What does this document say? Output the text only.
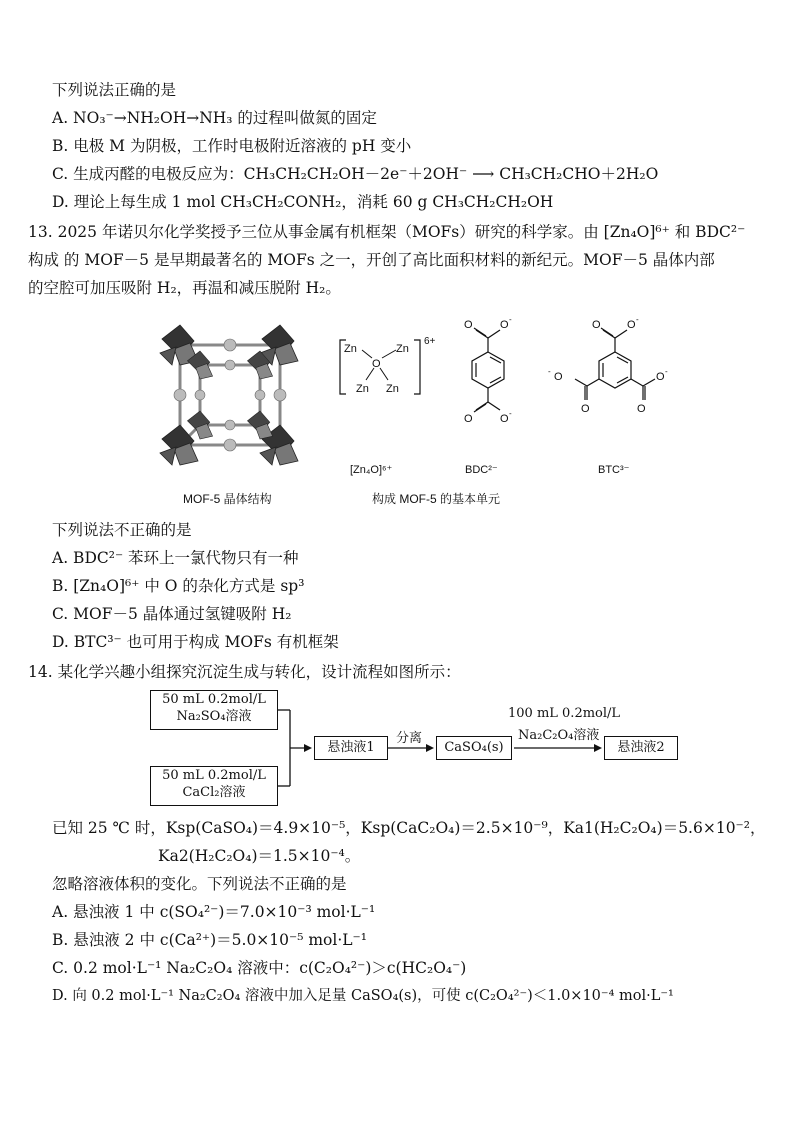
下列说法正确的是
A. NO₃⁻→NH₂OH→NH₃ 的过程叫做氮的固定
B. 电极 M 为阴极，工作时电极附近溶液的 pH 变小
C. 生成丙醛的电极反应为：CH₃CH₂CH₂OH－2e⁻＋2OH⁻ ⟶ CH₃CH₂CHO＋2H₂O
D. 理论上每生成 1 mol CH₃CH₂CONH₂，消耗 60 g CH₃CH₂CH₂OH
13. 2025 年诺贝尔化学奖授予三位从事金属有机框架（MOFs）研究的科学家。由 [Zn₄O]⁶⁺ 和 BDC²⁻
构成 的 MOF－5 是早期最著名的 MOFs 之一，开创了高比面积材料的新纪元。MOF－5 晶体内部
的空腔可加压吸附 H₂，再温和减压脱附 H₂。
MOF-5 晶体结构
Zn
O
Zn
Zn Zn
6+
[Zn₄O]⁶⁺
O O -
O O -
BDC²⁻
O O -
O
-
O
O -
O
BTC³⁻
构成 MOF-5 的基本单元
下列说法不正确的是
A. BDC²⁻ 苯环上一氯代物只有一种
B. [Zn₄O]⁶⁺ 中 O 的杂化方式是 sp³
C. MOF－5 晶体通过氢键吸附 H₂
D. BTC³⁻ 也可用于构成 MOFs 有机框架
14. 某化学兴趣小组探究沉淀生成与转化，设计流程如图所示：
50 mL 0.2mol/L
Na₂SO₄溶液
50 mL 0.2mol/L
CaCl₂溶液
悬浊液1
分离
CaSO₄(s)
100 mL 0.2mol/L
Na₂C₂O₄溶液
悬浊液2
已知 25 ℃ 时，Ksp(CaSO₄)＝4.9×10⁻⁵，Ksp(CaC₂O₄)＝2.5×10⁻⁹，Ka1(H₂C₂O₄)＝5.6×10⁻²，
Ka2(H₂C₂O₄)＝1.5×10⁻⁴。
忽略溶液体积的变化。下列说法不正确的是
A. 悬浊液 1 中 c(SO₄²⁻)＝7.0×10⁻³ mol·L⁻¹
B. 悬浊液 2 中 c(Ca²⁺)＝5.0×10⁻⁵ mol·L⁻¹
C. 0.2 mol·L⁻¹ Na₂C₂O₄ 溶液中：c(C₂O₄²⁻)＞c(HC₂O₄⁻)
D. 向 0.2 mol·L⁻¹ Na₂C₂O₄ 溶液中加入足量 CaSO₄(s)，可使 c(C₂O₄²⁻)＜1.0×10⁻⁴ mol·L⁻¹
